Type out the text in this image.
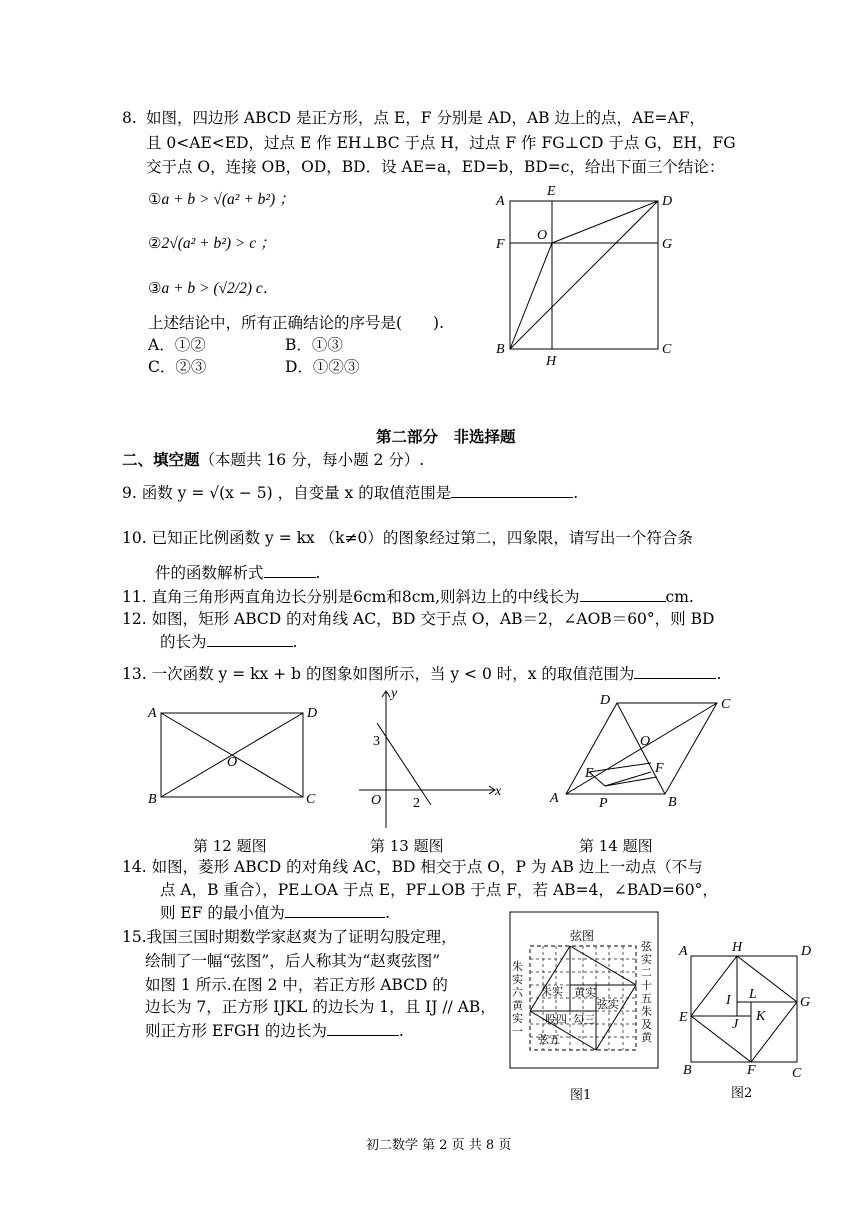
8. 如图，四边形 ABCD 是正方形，点 E，F 分别是 AD，AB 边上的点，AE=AF，
且 0<AE<ED，过点 E 作 EH⊥BC 于点 H，过点 F 作 FG⊥CD 于点 G，EH，FG
交于点 O，连接 OB，OD，BD．设 AE=a，ED=b，BD=c，给出下面三个结论：
①a + b > √(a² + b²) ；
②2√(a² + b²) > c ；
③a + b > (√2/2) c．
上述结论中，所有正确结论的序号是(　　).
A．①②	B．①③
C．②③	D．①②③
A
E
D
F
O
G
B
H
C
第二部分　非选择题
二、填空题（本题共 16 分，每小题 2 分）.
9. 函数 y = √(x − 5) ，自变量 x 的取值范围是	.
10. 已知正比例函数 y = kx （k≠0）的图象经过第二，四象限，请写出一个符合条
件的函数解析式	.
11. 直角三角形两直角边长分别是6cm和8cm,则斜边上的中线长为	cm.
12. 如图，矩形 ABCD 的对角线 AC，BD 交于点 O，AB＝2，∠AOB＝60°，则 BD
的长为	.
13. 一次函数 y = kx + b 的图象如图所示，当 y < 0 时，x 的取值范围为	.
A	D
O
B	C
第 12 题图
y
3
O 2
x
第 13 题图
D	C
O
E	F
A	P	B
第 14 题图
14. 如图，菱形 ABCD 的对角线 AC，BD 相交于点 O，P 为 AB 边上一动点（不与
点 A，B 重合），PE⊥OA 于点 E，PF⊥OB 于点 F，若 AB=4，∠BAD=60°，
则 EF 的最小值为	.
15.我国三国时期数学家赵爽为了证明勾股定理，
绘制了一幅“弦图”，后人称其为“赵爽弦图”
如图 1 所示.在图 2 中，若正方形 ABCD 的
边长为 7，正方形 IJKL 的边长为 1，且 IJ // AB，
则正方形 EFGH 的边长为	.
弦图
朱实 黄实
弦实
股四 勾三
弦五
朱实六黄实一
弦实二十五朱及黄
图1
A	H	D
I L
E
G
J
K
B	F	C
图2
初二数学 第 2 页 共 8 页
